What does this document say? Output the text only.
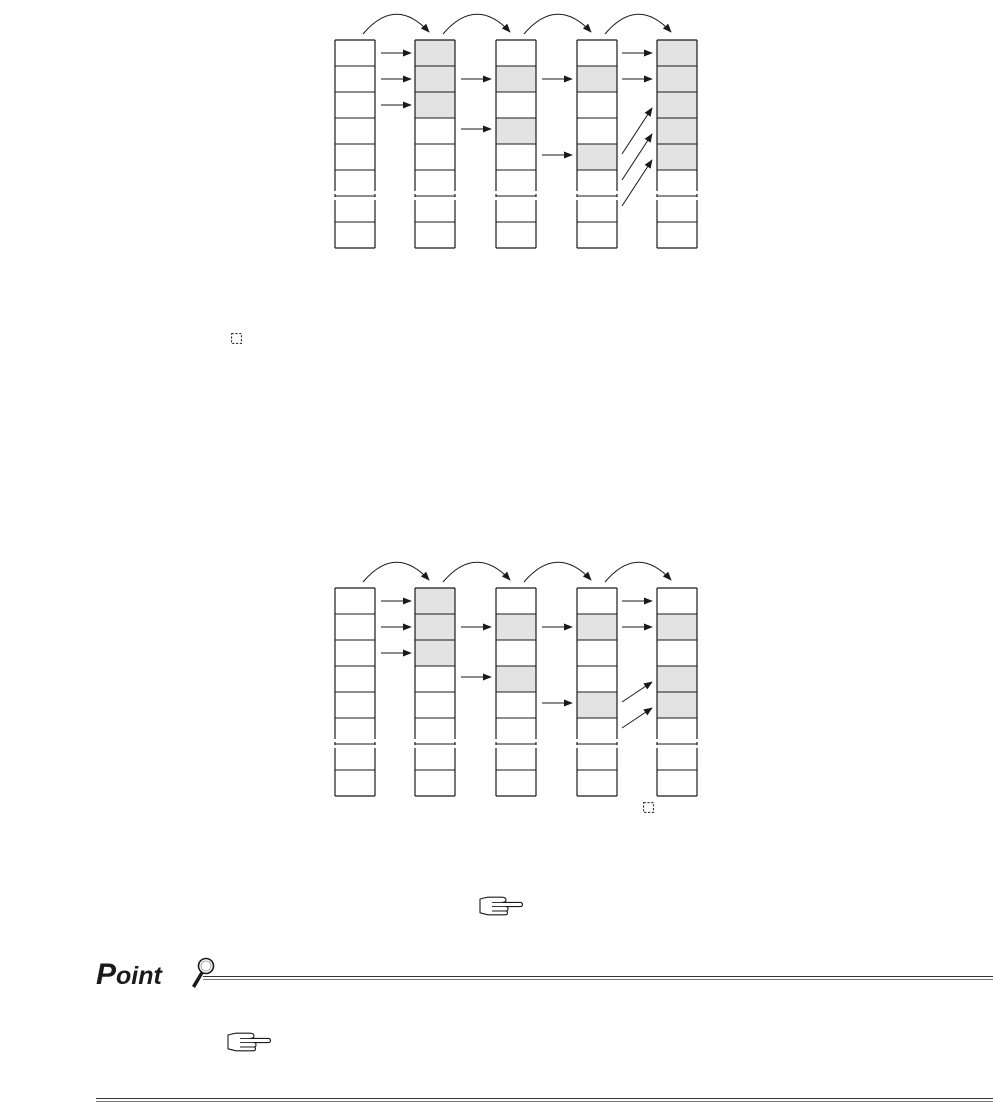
Point
